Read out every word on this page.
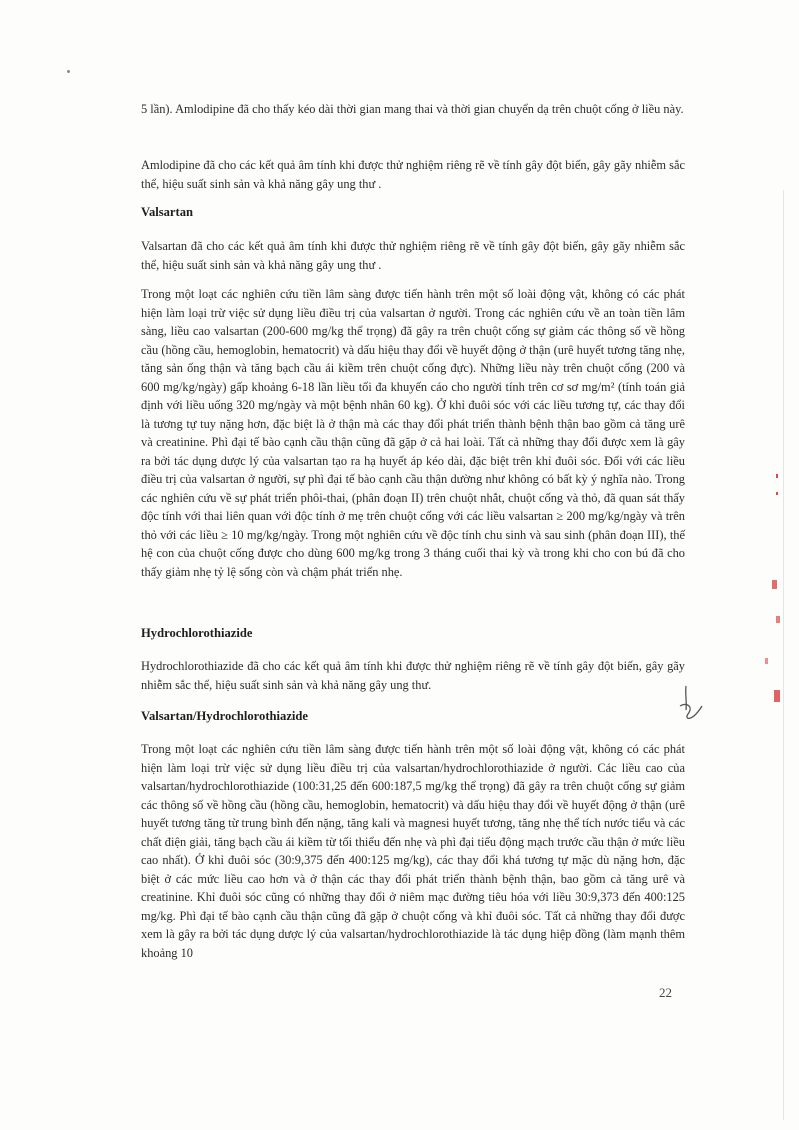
5 lần). Amlodipine đã cho thấy kéo dài thời gian mang thai và thời gian chuyển dạ trên chuột cống ở liều này.

Amlodipine đã cho các kết quả âm tính khi được thử nghiệm riêng rẽ về tính gây đột biến, gây gãy nhiễm sắc thể, hiệu suất sinh sản và khả năng gây ung thư .

Valsartan

Valsartan đã cho các kết quả âm tính khi được thử nghiệm riêng rẽ về tính gây đột biến, gây gãy nhiễm sắc thể, hiệu suất sinh sản và khả năng gây ung thư .

Trong một loạt các nghiên cứu tiền lâm sàng được tiến hành trên một số loài động vật, không có các phát hiện làm loại trừ việc sử dụng liều điều trị của valsartan ở người. Trong các nghiên cứu về an toàn tiền lâm sàng, liều cao valsartan (200-600 mg/kg thể trọng) đã gây ra trên chuột cống sự giảm các thông số về hồng cầu (hồng cầu, hemoglobin, hematocrit) và dấu hiệu thay đổi về huyết động ở thận (urê huyết tương tăng nhẹ, tăng sản ống thận và tăng bạch cầu ái kiềm trên chuột cống đực). Những liều này trên chuột cống (200 và 600 mg/kg/ngày) gấp khoảng 6-18 lần liều tối đa khuyến cáo cho người tính trên cơ sơ mg/m² (tính toán giả định với liều uống 320 mg/ngày và một bệnh nhân 60 kg). Ở khỉ đuôi sóc với các liều tương tự, các thay đổi là tương tự tuy nặng hơn, đặc biệt là ở thận mà các thay đổi phát triển thành bệnh thận bao gồm cả tăng urê và creatinine. Phì đại tế bào cạnh cầu thận cũng đã gặp ở cả hai loài. Tất cả những thay đổi được xem là gây ra bởi tác dụng dược lý của valsartan tạo ra hạ huyết áp kéo dài, đặc biệt trên khỉ đuôi sóc. Đối với các liều điều trị của valsartan ở người, sự phì đại tế bào cạnh cầu thận dường như không có bất kỳ ý nghĩa nào. Trong các nghiên cứu về sự phát triển phôi-thai, (phân đoạn II) trên chuột nhắt, chuột cống và thỏ, đã quan sát thấy độc tính với thai liên quan với độc tính ở mẹ trên chuột cống với các liều valsartan ≥ 200 mg/kg/ngày và trên thỏ với các liều ≥ 10 mg/kg/ngày. Trong một nghiên cứu về độc tính chu sinh và sau sinh (phân đoạn III), thế hệ con của chuột cống được cho dùng 600 mg/kg trong 3 tháng cuối thai kỳ và trong khi cho con bú đã cho thấy giảm nhẹ tỷ lệ sống còn và chậm phát triển nhẹ.

Hydrochlorothiazide

Hydrochlorothiazide đã cho các kết quả âm tính khi được thử nghiệm riêng rẽ về tính gây đột biến, gây gãy nhiễm sắc thể, hiệu suất sinh sản và khả năng gây ung thư.

Valsartan/Hydrochlorothiazide

Trong một loạt các nghiên cứu tiền lâm sàng được tiến hành trên một số loài động vật, không có các phát hiện làm loại trừ việc sử dụng liều điều trị của valsartan/hydrochlorothiazide ở người. Các liều cao của valsartan/hydrochlorothiazide (100:31,25 đến 600:187,5 mg/kg thể trọng) đã gây ra trên chuột cống sự giảm các thông số về hồng cầu (hồng cầu, hemoglobin, hematocrit) và dấu hiệu thay đổi về huyết động ở thận (urê huyết tương tăng từ trung bình đến nặng, tăng kali và magnesi huyết tương, tăng nhẹ thể tích nước tiểu và các chất điện giải, tăng bạch cầu ái kiềm từ tối thiểu đến nhẹ và phì đại tiểu động mạch trước cầu thận ở mức liều cao nhất). Ở khỉ đuôi sóc (30:9,375 đến 400:125 mg/kg), các thay đổi khá tương tự mặc dù nặng hơn, đặc biệt ở các mức liều cao hơn và ở thận các thay đổi phát triển thành bệnh thận, bao gồm cả tăng urê và creatinine. Khỉ đuôi sóc cũng có những thay đổi ở niêm mạc đường tiêu hóa với liều 30:9,373 đến 400:125 mg/kg. Phì đại tế bào cạnh cầu thận cũng đã gặp ở chuột cống và khỉ đuôi sóc. Tất cả những thay đổi được xem là gây ra bởi tác dụng dược lý của valsartan/hydrochlorothiazide là tác dụng hiệp đồng (làm mạnh thêm khoảng 10

22
